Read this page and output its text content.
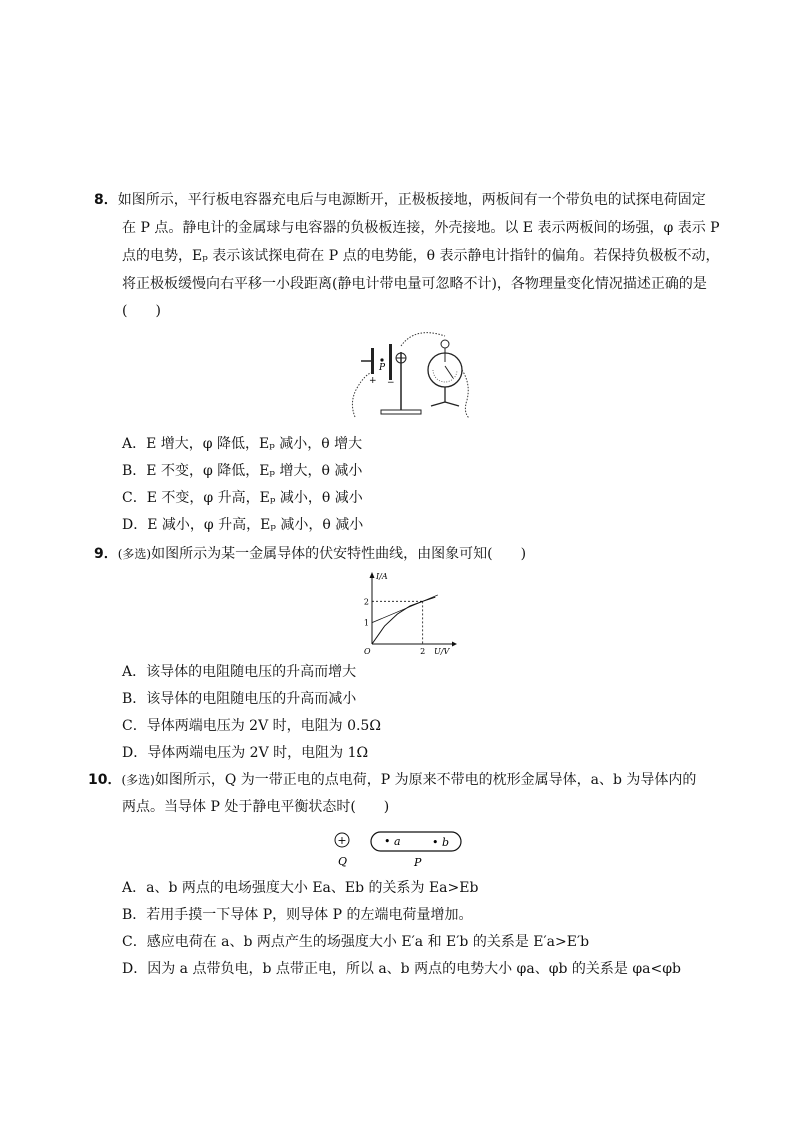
8．如图所示，平行板电容器充电后与电源断开，正极板接地，两板间有一个带负电的试探电荷固定
在 P 点。静电计的金属球与电容器的负极板连接，外壳接地。以 E 表示两板间的场强，φ 表示 P
点的电势，Eₚ 表示该试探电荷在 P 点的电势能，θ 表示静电计指针的偏角。若保持负极板不动，
将正极板缓慢向右平移一小段距离(静电计带电量可忽略不计)，各物理量变化情况描述正确的是
(　　)
P
+ −
A．E 增大，φ 降低，Eₚ 减小，θ 增大
B．E 不变，φ 降低，Eₚ 增大，θ 减小
C．E 不变，φ 升高，Eₚ 减小，θ 减小
D．E 减小，φ 升高，Eₚ 减小，θ 减小
9．(多选)如图所示为某一金属导体的伏安特性曲线，由图象可知(　　)
I/A
U/V
O
1
2
2
A．该导体的电阻随电压的升高而增大
B．该导体的电阻随电压的升高而减小
C．导体两端电压为 2V 时，电阻为 0.5Ω
D．导体两端电压为 2V 时，电阻为 1Ω
10．(多选)如图所示，Q 为一带正电的点电荷，P 为原来不带电的枕形金属导体，a、b 为导体内的
两点。当导体 P 处于静电平衡状态时(　　)
+
Q
• a	• b
P
A．a、b 两点的电场强度大小 Ea、Eb 的关系为 Ea>Eb
B．若用手摸一下导体 P，则导体 P 的左端电荷量增加。
C．感应电荷在 a、b 两点产生的场强度大小 E′a 和 E′b 的关系是 E′a>E′b
D．因为 a 点带负电，b 点带正电，所以 a、b 两点的电势大小 φa、φb 的关系是 φa<φb
